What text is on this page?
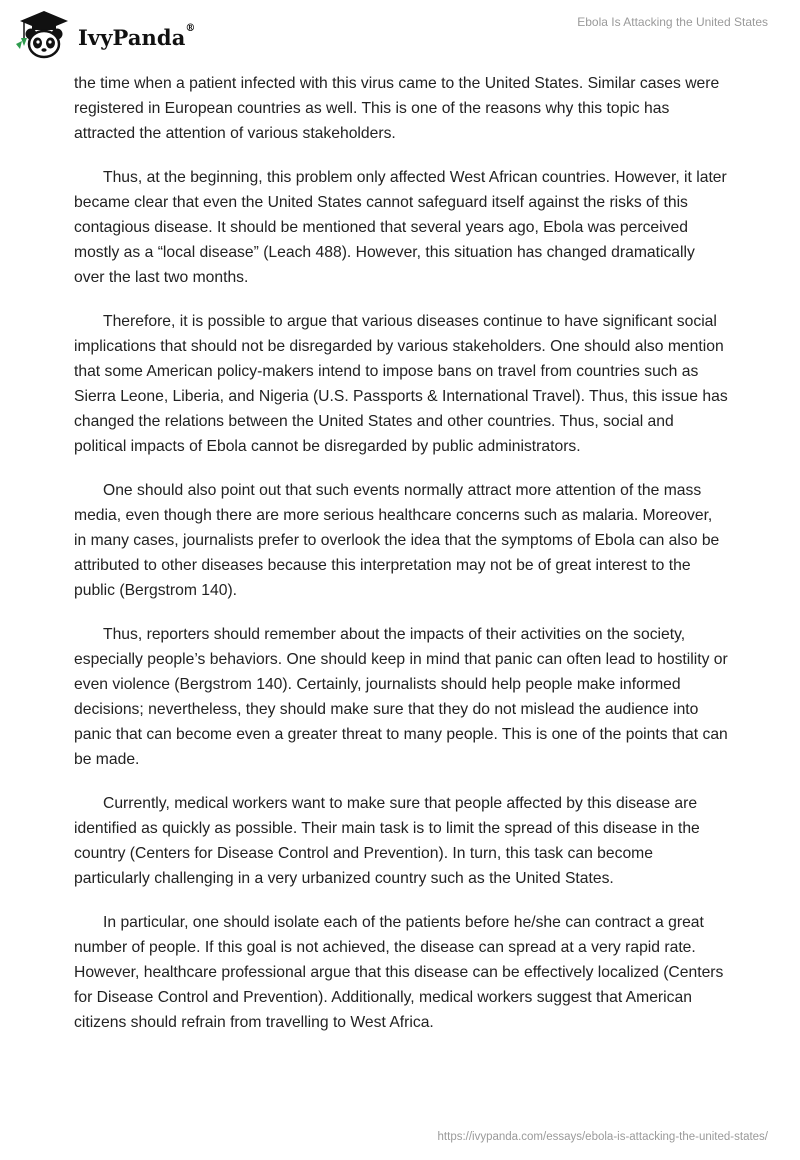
IvyPanda®	Ebola Is Attacking the United States

the time when a patient infected with this virus came to the United States. Similar cases were registered in European countries as well. This is one of the reasons why this topic has attracted the attention of various stakeholders.

Thus, at the beginning, this problem only affected West African countries. However, it later became clear that even the United States cannot safeguard itself against the risks of this contagious disease. It should be mentioned that several years ago, Ebola was perceived mostly as a “local disease” (Leach 488). However, this situation has changed dramatically over the last two months.

Therefore, it is possible to argue that various diseases continue to have significant social implications that should not be disregarded by various stakeholders. One should also mention that some American policy-makers intend to impose bans on travel from countries such as Sierra Leone, Liberia, and Nigeria (U.S. Passports & International Travel). Thus, this issue has changed the relations between the United States and other countries. Thus, social and political impacts of Ebola cannot be disregarded by public administrators.

One should also point out that such events normally attract more attention of the mass media, even though there are more serious healthcare concerns such as malaria. Moreover, in many cases, journalists prefer to overlook the idea that the symptoms of Ebola can also be attributed to other diseases because this interpretation may not be of great interest to the public (Bergstrom 140).

Thus, reporters should remember about the impacts of their activities on the society, especially people’s behaviors. One should keep in mind that panic can often lead to hostility or even violence (Bergstrom 140). Certainly, journalists should help people make informed decisions; nevertheless, they should make sure that they do not mislead the audience into panic that can become even a greater threat to many people. This is one of the points that can be made.

Currently, medical workers want to make sure that people affected by this disease are identified as quickly as possible. Their main task is to limit the spread of this disease in the country (Centers for Disease Control and Prevention). In turn, this task can become particularly challenging in a very urbanized country such as the United States.

In particular, one should isolate each of the patients before he/she can contract a great number of people. If this goal is not achieved, the disease can spread at a very rapid rate. However, healthcare professional argue that this disease can be effectively localized (Centers for Disease Control and Prevention). Additionally, medical workers suggest that American citizens should refrain from travelling to West Africa.

https://ivypanda.com/essays/ebola-is-attacking-the-united-states/
